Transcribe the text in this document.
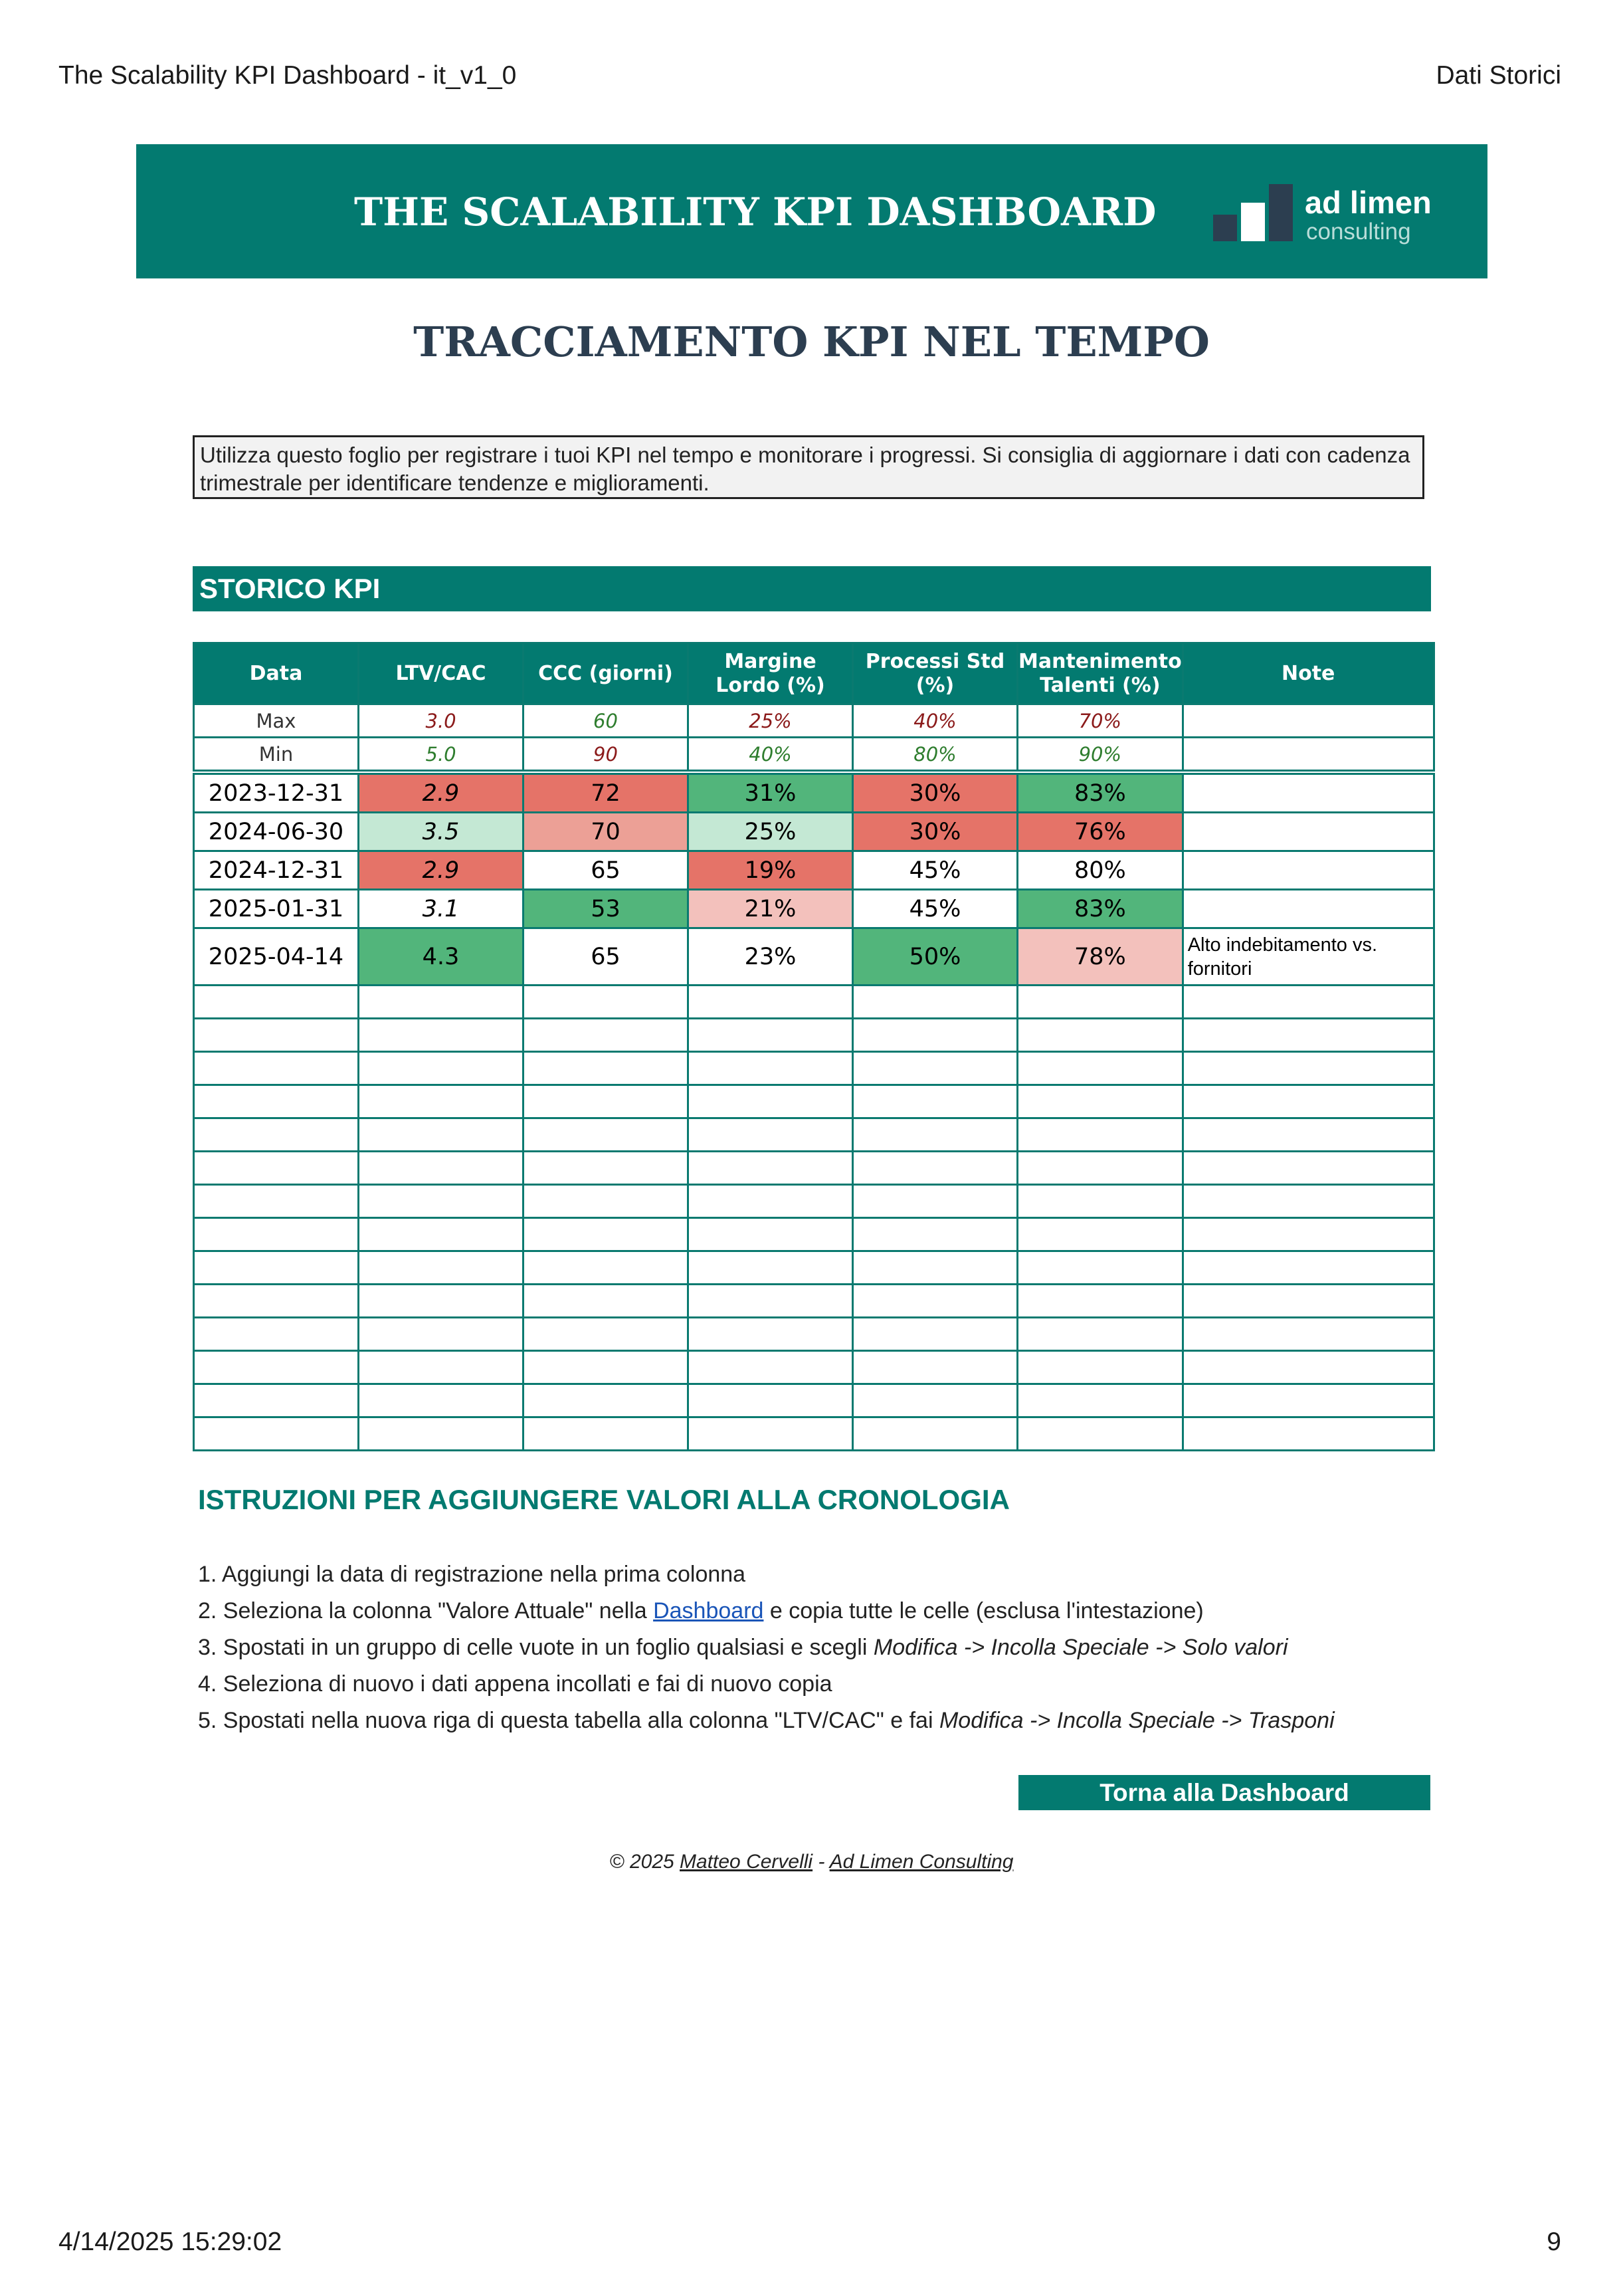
The Scalability KPI Dashboard - it_v1_0	Dati Storici
THE SCALABILITY KPI DASHBOARD	ad limen
consulting
TRACCIAMENTO KPI NEL TEMPO
Utilizza questo foglio per registrare i tuoi KPI nel tempo e monitorare i progressi. Si consiglia di aggiornare i dati con cadenza trimestrale per identificare tendenze e miglioramenti.
STORICO KPI
Data	LTV/CAC	CCC (giorni)	Margine Lordo (%)	Processi Std (%)	Mantenimento Talenti (%)	Note
Max	3.0	60	25%	40%	70%	
Min	5.0	90	40%	80%	90%	

2023-12-31	2.9	72	31%	30%	83%	
2024-06-30	3.5	70	25%	30%	76%	
2024-12-31	2.9	65	19%	45%	80%	
2025-01-31	3.1	53	21%	45%	83%	
2025-04-14	4.3	65	23%	50%	78%	Alto indebitamento vs. fornitori

ISTRUZIONI PER AGGIUNGERE VALORI ALLA CRONOLOGIA
1. Aggiungi la data di registrazione nella prima colonna
2. Seleziona la colonna "Valore Attuale" nella Dashboard e copia tutte le celle (esclusa l'intestazione)
3. Spostati in un gruppo di celle vuote in un foglio qualsiasi e scegli Modifica -> Incolla Speciale -> Solo valori
4. Seleziona di nuovo i dati appena incollati e fai di nuovo copia
5. Spostati nella nuova riga di questa tabella alla colonna "LTV/CAC" e fai Modifica -> Incolla Speciale -> Trasponi
Torna alla Dashboard
© 2025 Matteo Cervelli - Ad Limen Consulting
4/14/2025 15:29:02	9
